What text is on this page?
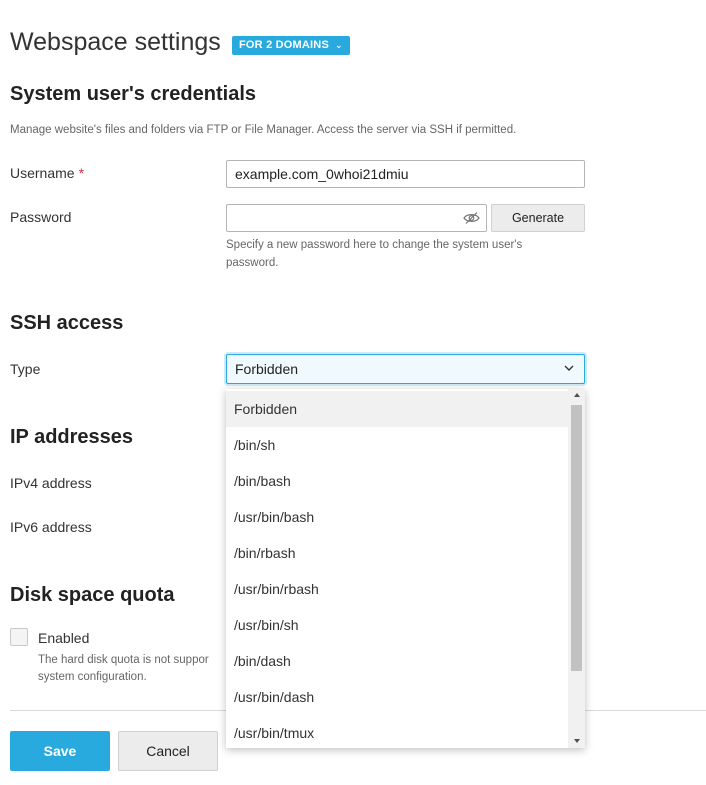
Webspace settings	FOR 2 DOMAINS ⌄
System user's credentials
Manage website's files and folders via FTP or File Manager. Access the server via SSH if permitted.
Username *	example.com_0whoi21dmiu
Password	Generate
Specify a new password here to change the system user's password.
SSH access
Type	Forbidden
IP addresses
IPv4 address
IPv6 address
Disk space quota
Enabled
The hard disk quota is not suppor
system configuration.
Save	Cancel
Forbidden
/bin/sh
/bin/bash
/usr/bin/bash
/bin/rbash
/usr/bin/rbash
/usr/bin/sh
/bin/dash
/usr/bin/dash
/usr/bin/tmux
